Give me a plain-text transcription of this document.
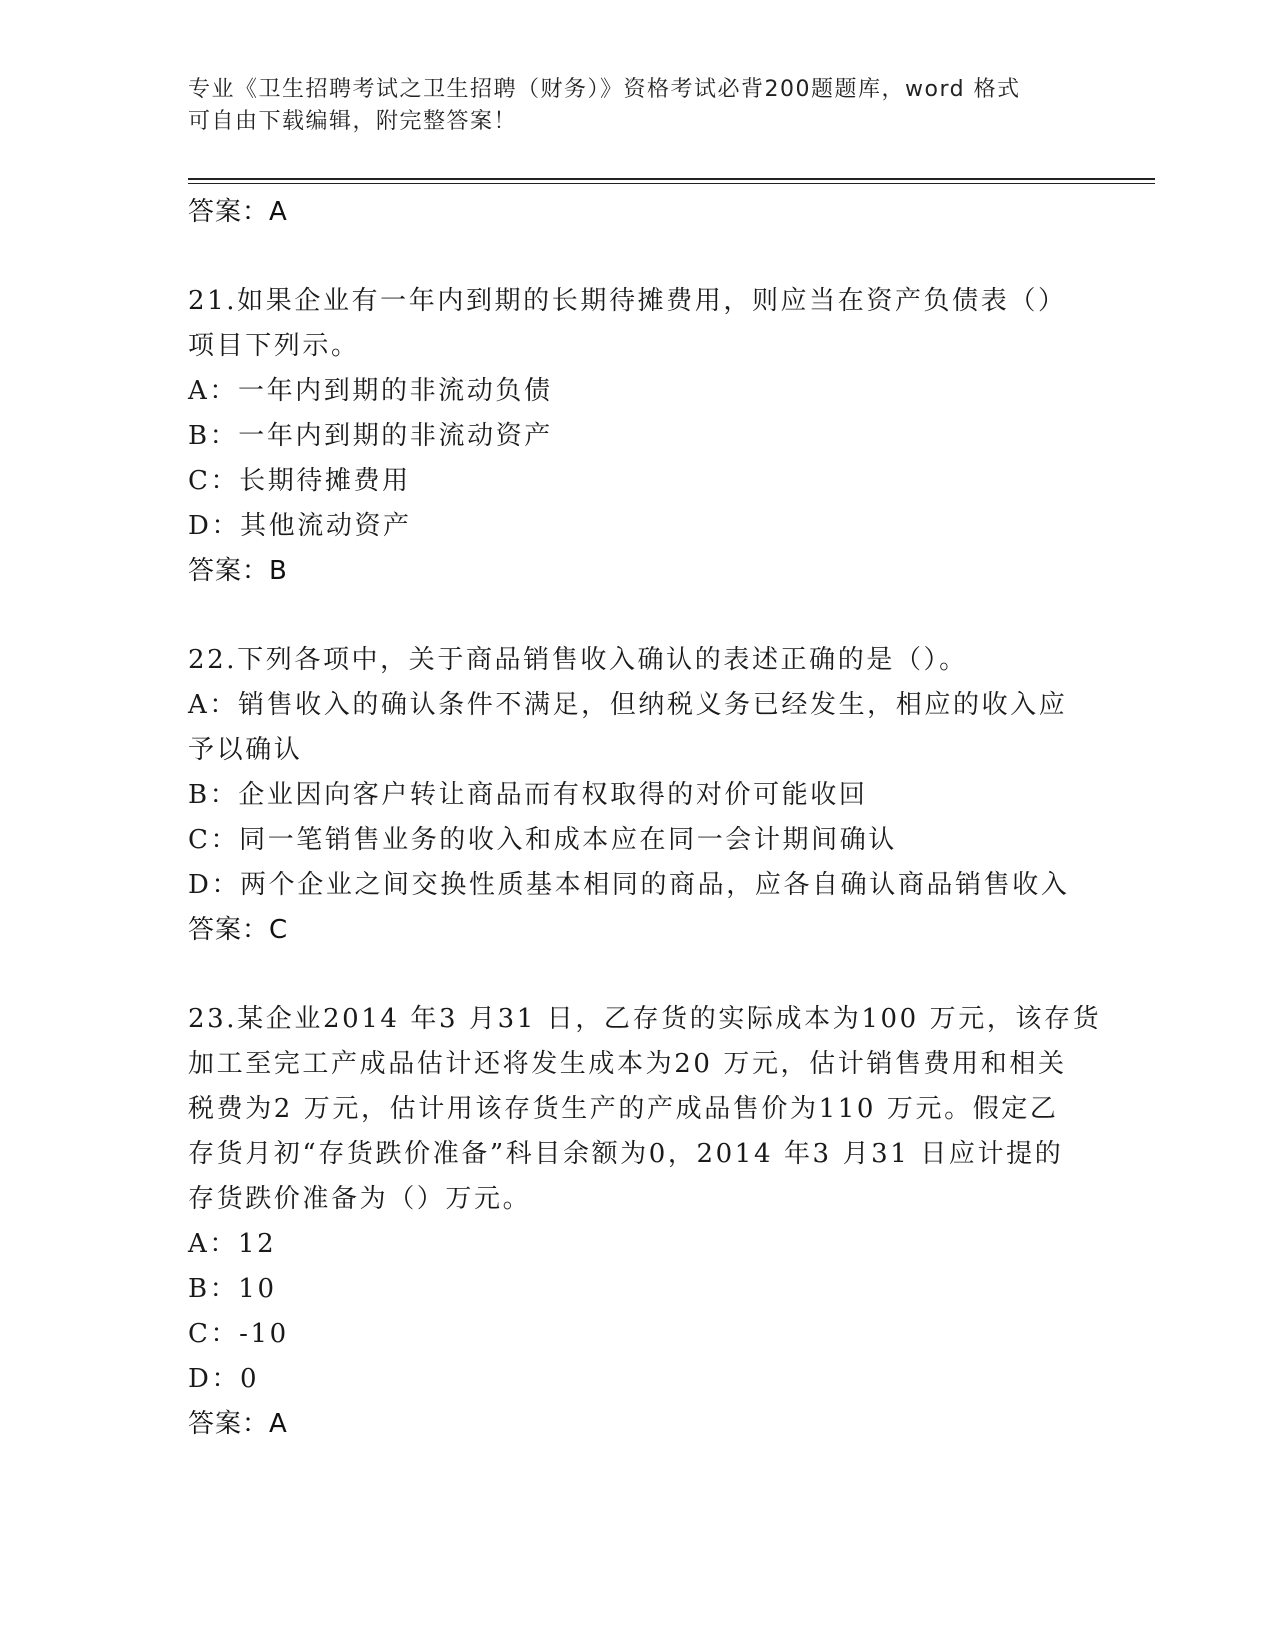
专业《卫生招聘考试之卫生招聘（财务）》资格考试必背200题题库，word 格式
可自由下载编辑，附完整答案！
答案：A
21.如果企业有一年内到期的长期待摊费用，则应当在资产负债表（）
项目下列示。
A：一年内到期的非流动负债
B：一年内到期的非流动资产
C：长期待摊费用
D：其他流动资产
答案：B
22.下列各项中，关于商品销售收入确认的表述正确的是（）。
A：销售收入的确认条件不满足，但纳税义务已经发生，相应的收入应
予以确认
B：企业因向客户转让商品而有权取得的对价可能收回
C：同一笔销售业务的收入和成本应在同一会计期间确认
D：两个企业之间交换性质基本相同的商品，应各自确认商品销售收入
答案：C
23.某企业2014 年3 月31 日，乙存货的实际成本为100 万元，该存货
加工至完工产成品估计还将发生成本为20 万元，估计销售费用和相关
税费为2 万元，估计用该存货生产的产成品售价为110 万元。假定乙
存货月初“存货跌价准备”科目余额为0，2014 年3 月31 日应计提的
存货跌价准备为（）万元。
A：12
B：10
C：-10
D：0
答案：A
